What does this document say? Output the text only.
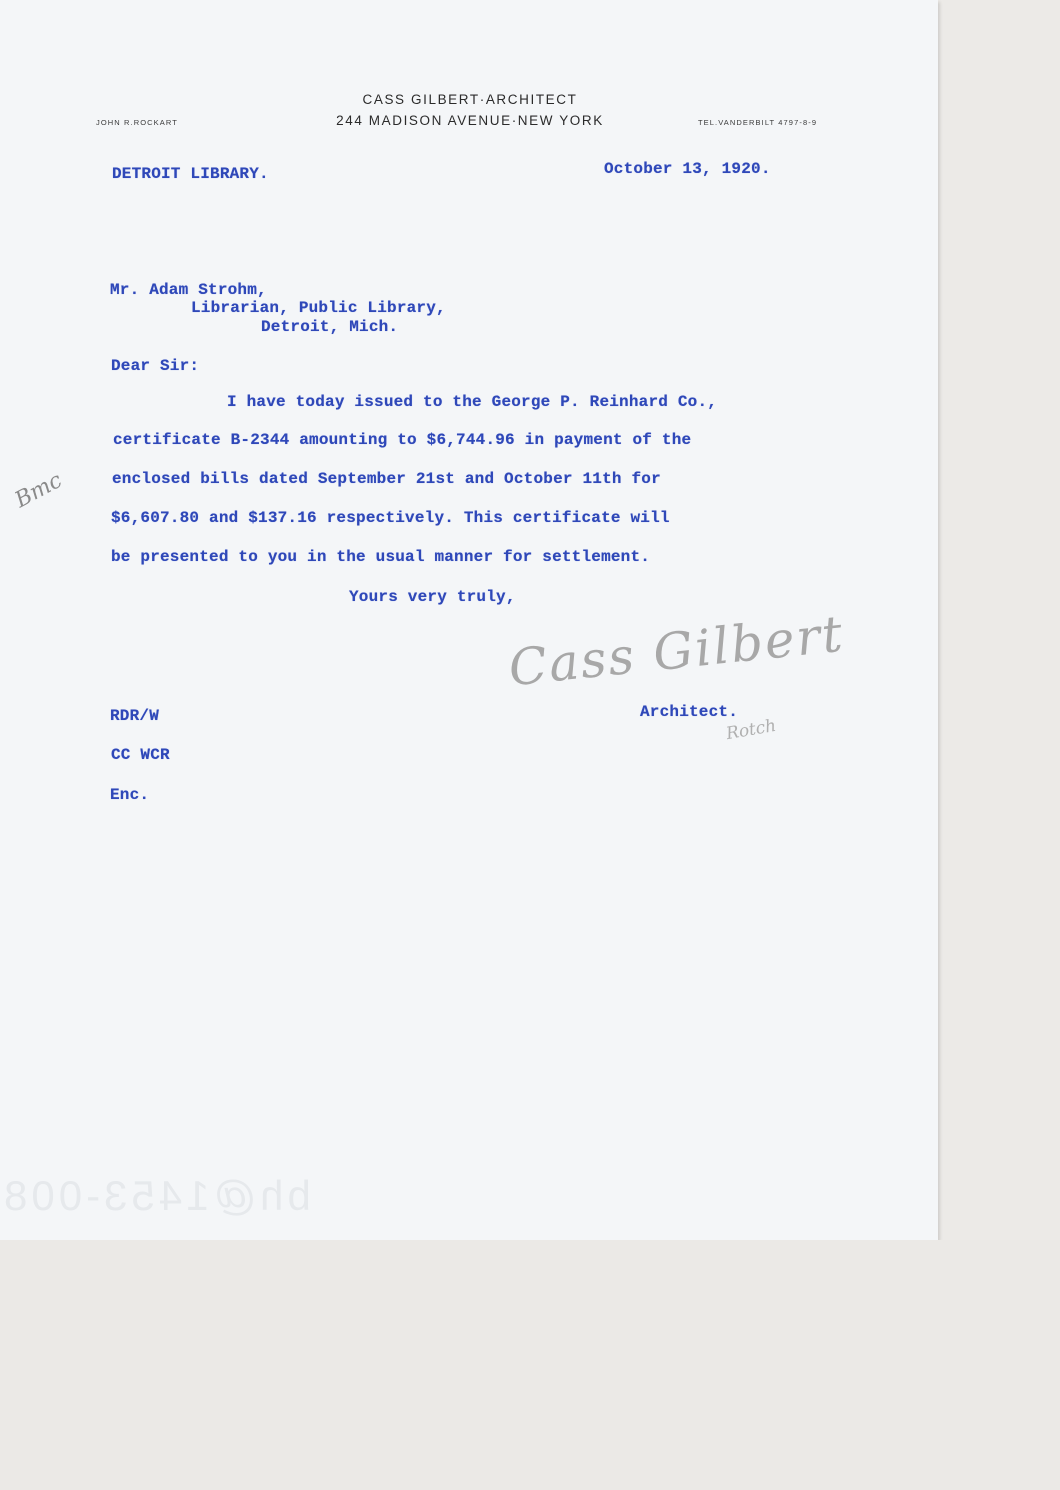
CASS GILBERT·ARCHITECT
244 MADISON AVENUE·NEW YORK
JOHN R.ROCKART	TEL.VANDERBILT 4797-8-9
DETROIT LIBRARY.	October 13, 1920.
Mr. Adam Strohm,
Librarian, Public Library,
Detroit, Mich.
Dear Sir:
I have today issued to the George P. Reinhard Co.,
certificate B-2344 amounting to $6,744.96 in payment of the
enclosed bills dated September 21st and October 11th for
$6,607.80 and $137.16 respectively. This certificate will
be presented to you in the usual manner for settlement.
Yours very truly,
Cass Gilbert
Architect.
Rotch
RDR/W
CC WCR
Enc.
Bmc
bh@1453-008
